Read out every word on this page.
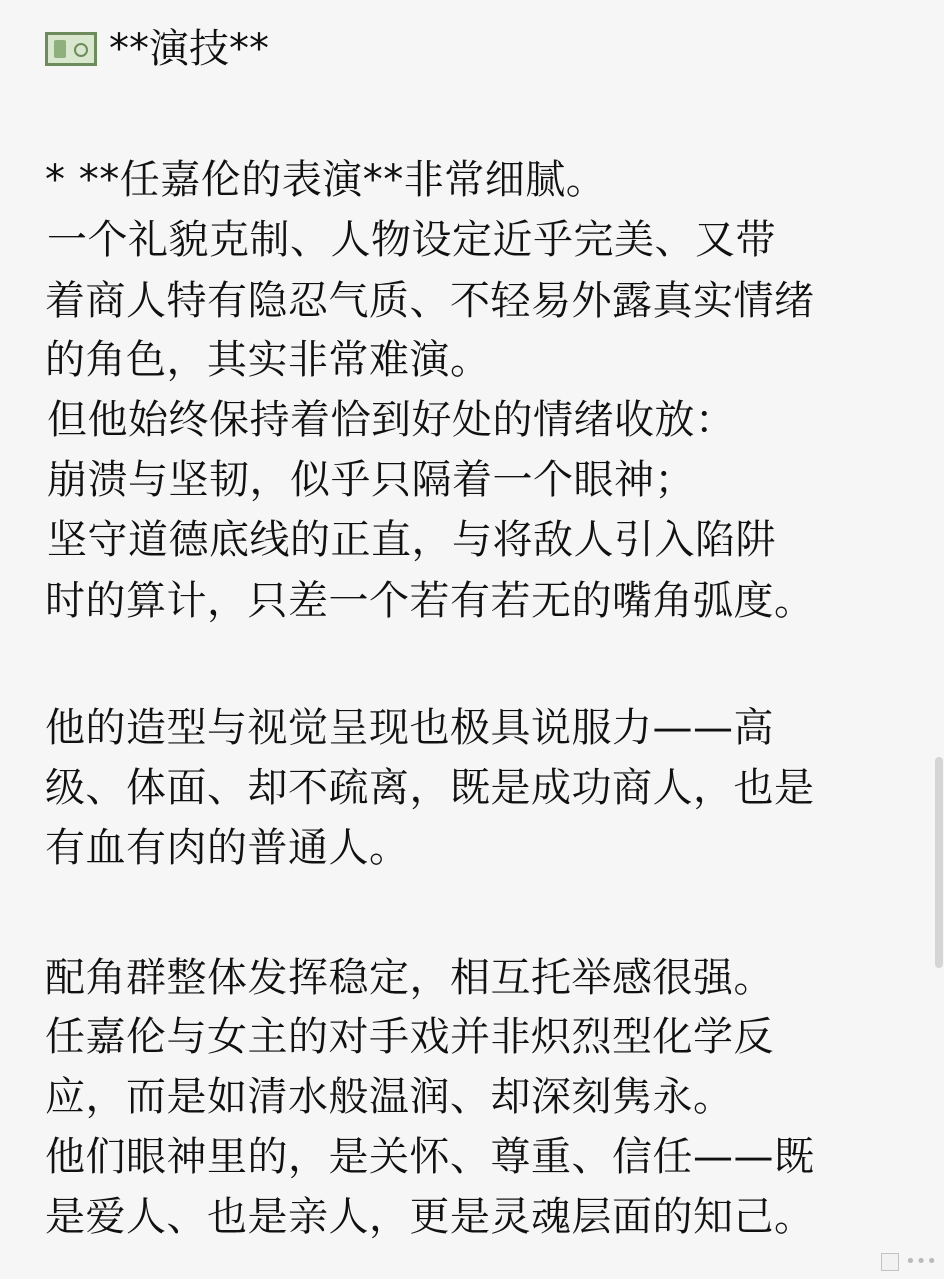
**演技**
* **任嘉伦的表演**非常细腻。
一个礼貌克制、人物设定近乎完美、又带
着商人特有隐忍气质、不轻易外露真实情绪
的角色，其实非常难演。
但他始终保持着恰到好处的情绪收放：
崩溃与坚韧，似乎只隔着一个眼神；
坚守道德底线的正直，与将敌人引入陷阱
时的算计，只差一个若有若无的嘴角弧度。
他的造型与视觉呈现也极具说服力——高
级、体面、却不疏离，既是成功商人，也是
有血有肉的普通人。
配角群整体发挥稳定，相互托举感很强。
任嘉伦与女主的对手戏并非炽烈型化学反
应，而是如清水般温润、却深刻隽永。
他们眼神里的，是关怀、尊重、信任——既
是爱人、也是亲人，更是灵魂层面的知己。
•••
